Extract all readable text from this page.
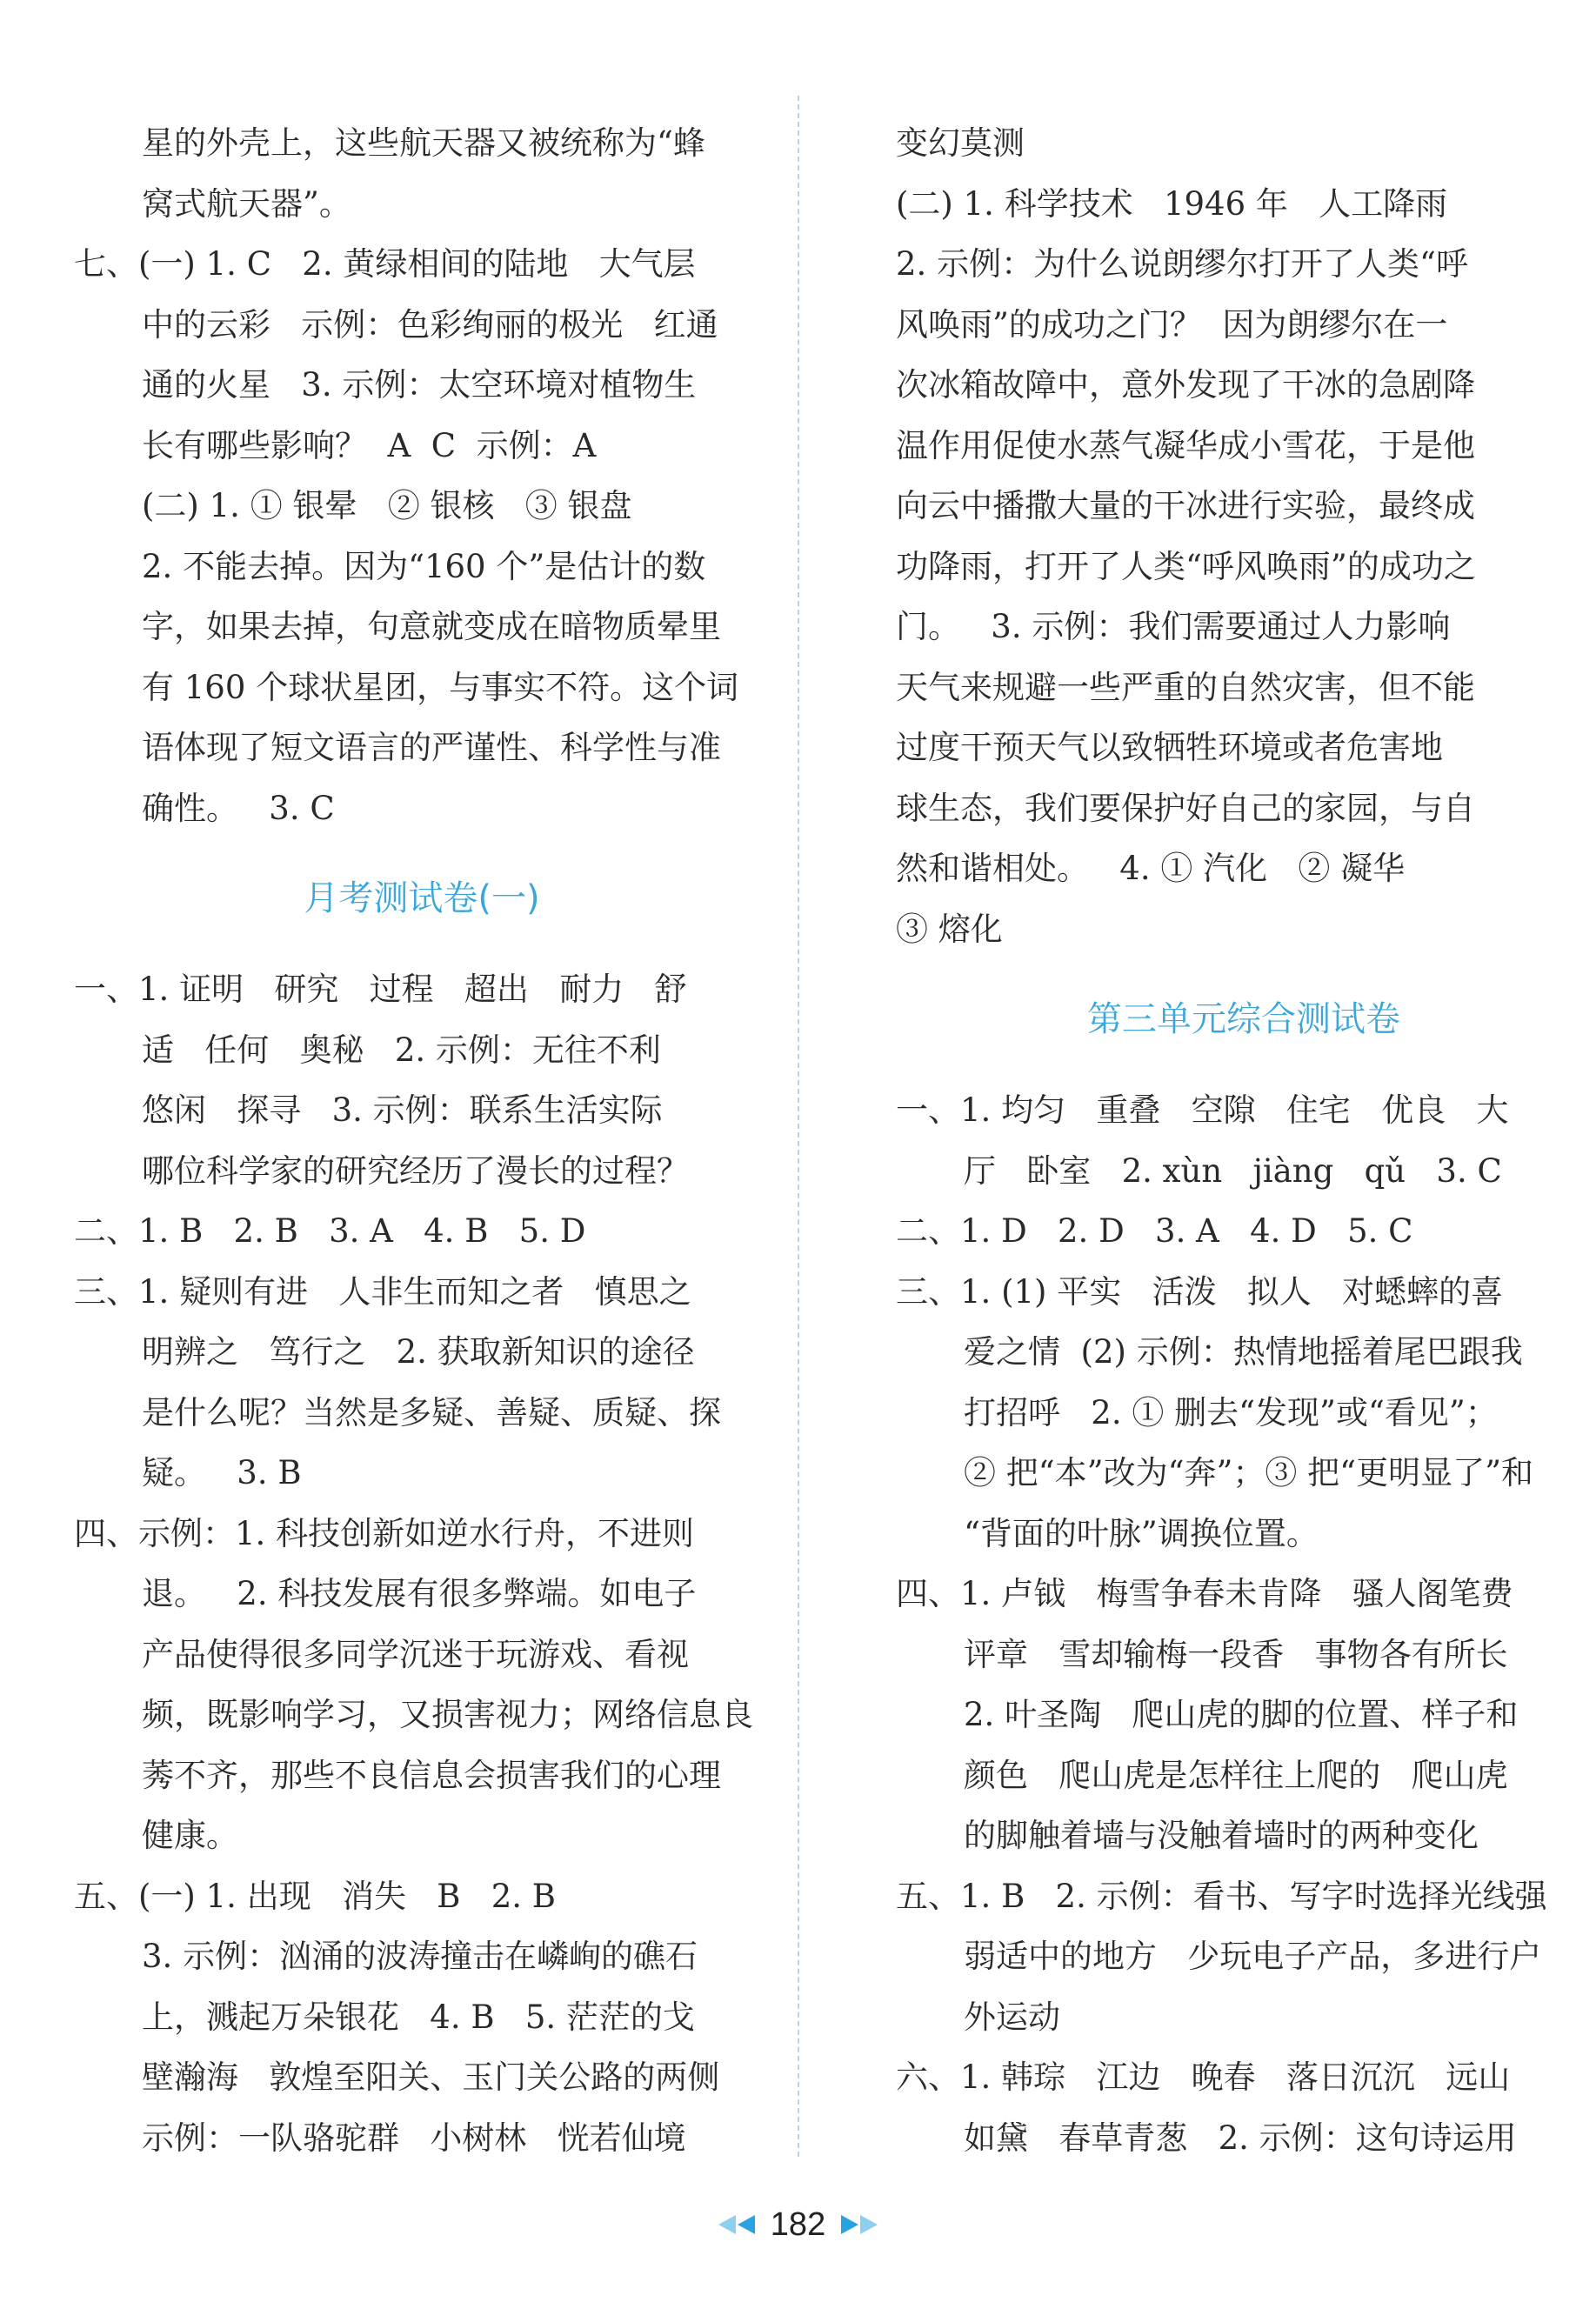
星的外壳上，这些航天器又被统称为“蜂
窝式航天器”。
七、(一) 1. C   2. 黄绿相间的陆地   大气层
中的云彩   示例：色彩绚丽的极光   红通
通的火星   3. 示例：太空环境对植物生
长有哪些影响？  A  C  示例：A
(二) 1. ① 银晕   ② 银核   ③ 银盘
2. 不能去掉。因为“160 个”是估计的数
字，如果去掉，句意就变成在暗物质晕里
有 160 个球状星团，与事实不符。这个词
语体现了短文语言的严谨性、科学性与准
确性。   3. C
月考测试卷(一)
一、1. 证明   研究   过程   超出   耐力   舒
适   任何   奥秘   2. 示例：无往不利
悠闲   探寻   3. 示例：联系生活实际
哪位科学家的研究经历了漫长的过程？
二、1. B   2. B   3. A   4. B   5. D
三、1. 疑则有进   人非生而知之者   慎思之
明辨之   笃行之   2. 获取新知识的途径
是什么呢？当然是多疑、善疑、质疑、探
疑。   3. B
四、示例：1. 科技创新如逆水行舟，不进则
退。   2. 科技发展有很多弊端。如电子
产品使得很多同学沉迷于玩游戏、看视
频，既影响学习，又损害视力；网络信息良
莠不齐，那些不良信息会损害我们的心理
健康。
五、(一) 1. 出现   消失   B   2. B
3. 示例：汹涌的波涛撞击在嶙峋的礁石
上，溅起万朵银花   4. B   5. 茫茫的戈
壁瀚海   敦煌至阳关、玉门关公路的两侧
示例：一队骆驼群   小树林   恍若仙境
变幻莫测
(二) 1. 科学技术   1946 年   人工降雨
2. 示例：为什么说朗缪尔打开了人类“呼
风唤雨”的成功之门？  因为朗缪尔在一
次冰箱故障中，意外发现了干冰的急剧降
温作用促使水蒸气凝华成小雪花，于是他
向云中播撒大量的干冰进行实验，最终成
功降雨，打开了人类“呼风唤雨”的成功之
门。   3. 示例：我们需要通过人力影响
天气来规避一些严重的自然灾害，但不能
过度干预天气以致牺牲环境或者危害地
球生态，我们要保护好自己的家园，与自
然和谐相处。   4. ① 汽化   ② 凝华
③ 熔化
第三单元综合测试卷
一、1. 均匀   重叠   空隙   住宅   优良   大
厅   卧室   2. xùn   jiàng   qǔ   3. C
二、1. D   2. D   3. A   4. D   5. C
三、1. (1) 平实   活泼   拟人   对蟋蟀的喜
爱之情  (2) 示例：热情地摇着尾巴跟我
打招呼   2. ① 删去“发现”或“看见”；
② 把“本”改为“奔”；③ 把“更明显了”和
“背面的叶脉”调换位置。
四、1. 卢钺   梅雪争春未肯降   骚人阁笔费
评章   雪却输梅一段香   事物各有所长
2. 叶圣陶   爬山虎的脚的位置、样子和
颜色   爬山虎是怎样往上爬的   爬山虎
的脚触着墙与没触着墙时的两种变化
五、1. B   2. 示例：看书、写字时选择光线强
弱适中的地方   少玩电子产品，多进行户
外运动
六、1. 韩琮   江边   晚春   落日沉沉   远山
如黛   春草青葱   2. 示例：这句诗运用
182
